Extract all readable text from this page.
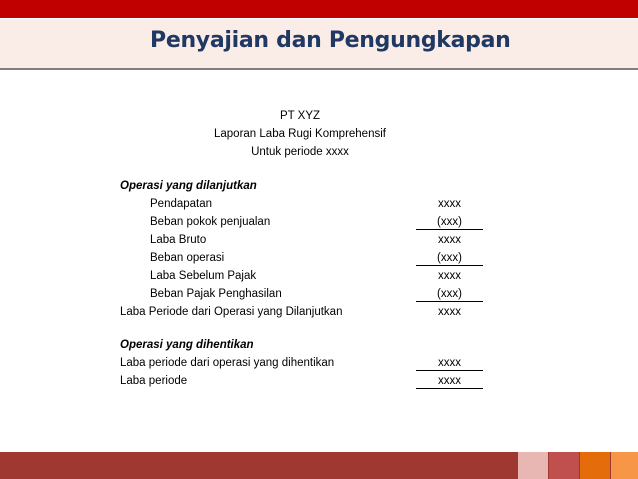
Penyajian dan Pengungkapan
PT XYZ
Laporan Laba Rugi Komprehensif
Untuk periode xxxx
Operasi yang dilanjutkan
Pendapatan	xxxx
Beban pokok penjualan	(xxx)
Laba Bruto	xxxx
Beban operasi	(xxx)
Laba Sebelum Pajak	xxxx
Beban Pajak Penghasilan	(xxx)
Laba Periode dari Operasi yang Dilanjutkan	xxxx
Operasi yang dihentikan
Laba periode dari operasi yang dihentikan	xxxx
Laba periode	xxxx
